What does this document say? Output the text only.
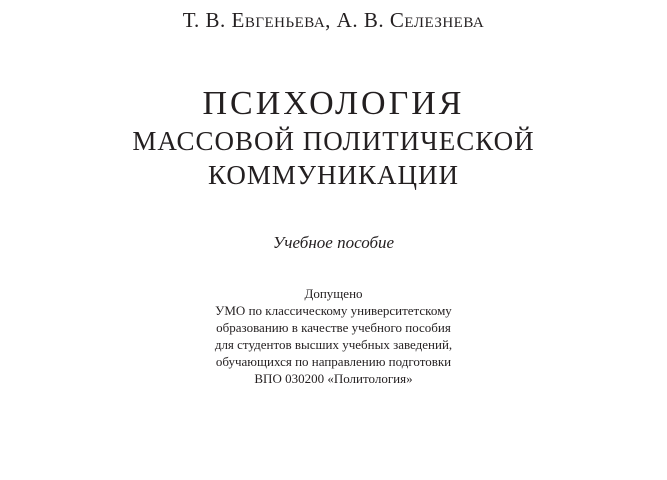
Т. В. Евгеньева, А. В. Селезнева
ПСИХОЛОГИЯ
МАССОВОЙ ПОЛИТИЧЕСКОЙ
КОММУНИКАЦИИ
Учебное пособие
Допущено
УМО по классическому университетскому
образованию в качестве учебного пособия
для студентов высших учебных заведений,
обучающихся по направлению подготовки
ВПО 030200 «Политология»
